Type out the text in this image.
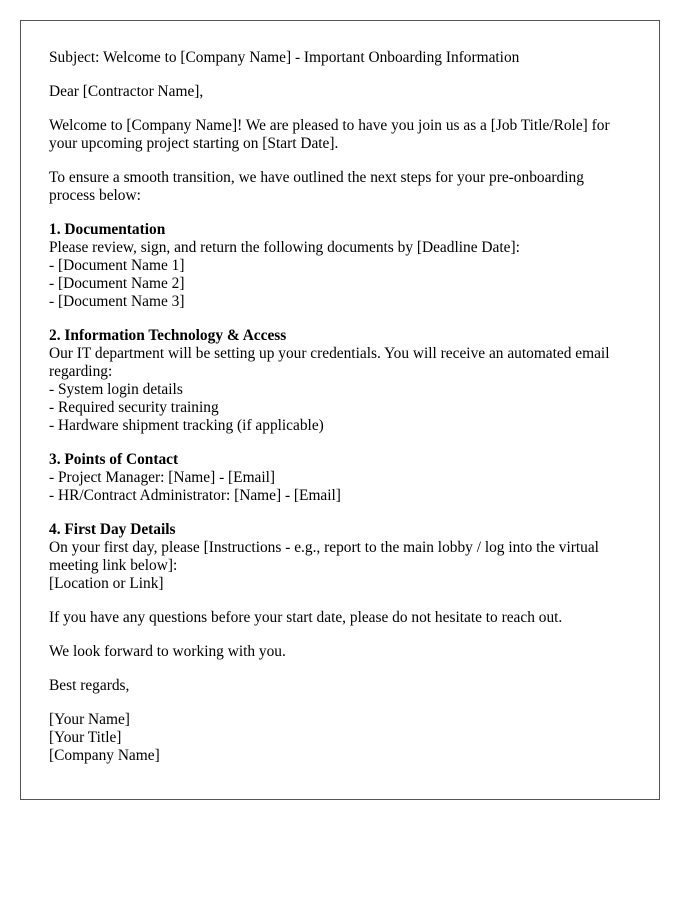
Subject: Welcome to [Company Name] - Important Onboarding Information

Dear [Contractor Name],

Welcome to [Company Name]! We are pleased to have you join us as a [Job Title/Role] for your upcoming project starting on [Start Date].

To ensure a smooth transition, we have outlined the next steps for your pre-onboarding process below:

1. Documentation
Please review, sign, and return the following documents by [Deadline Date]:
- [Document Name 1]
- [Document Name 2]
- [Document Name 3]
2. Information Technology & Access
Our IT department will be setting up your credentials. You will receive an automated email regarding:
- System login details
- Required security training
- Hardware shipment tracking (if applicable)
3. Points of Contact
- Project Manager: [Name] - [Email]
- HR/Contract Administrator: [Name] - [Email]
4. First Day Details
On your first day, please [Instructions - e.g., report to the main lobby / log into the virtual meeting link below]:
[Location or Link]

If you have any questions before your start date, please do not hesitate to reach out.

We look forward to working with you.

Best regards,

[Your Name]
[Your Title]
[Company Name]
